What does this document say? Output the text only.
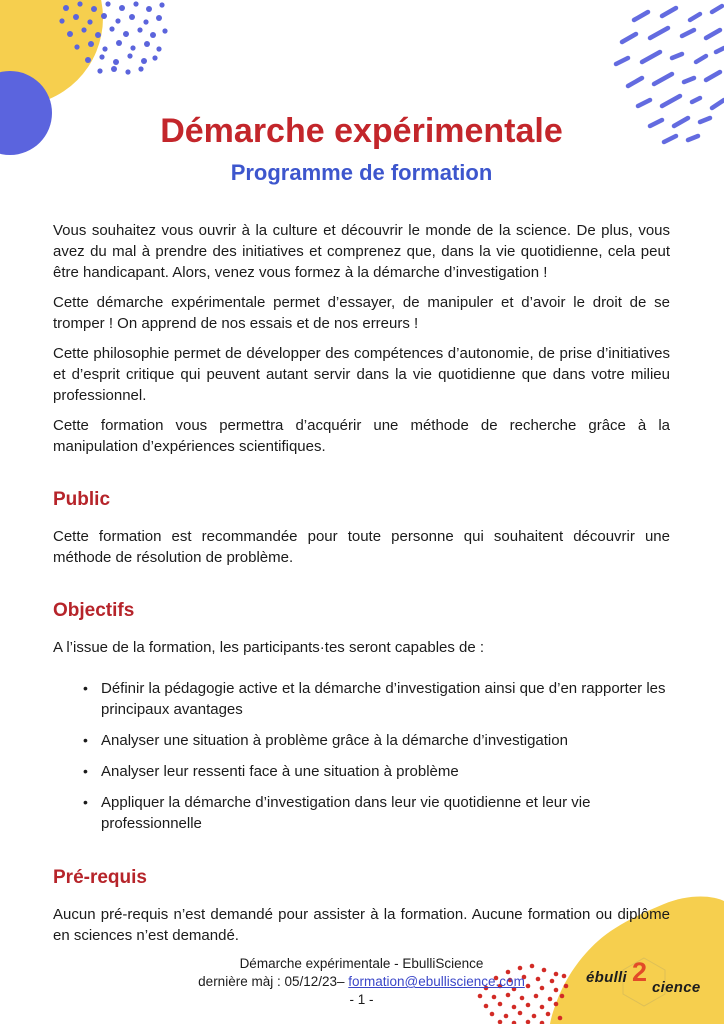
Démarche expérimentale
Programme de formation

Vous souhaitez vous ouvrir à la culture et découvrir le monde de la science. De plus, vous avez du mal à prendre des initiatives et comprenez que, dans la vie quotidienne, cela peut être handicapant. Alors, venez vous formez à la démarche d’investigation !

Cette démarche expérimentale permet d’essayer, de manipuler et d’avoir le droit de se tromper ! On apprend de nos essais et de nos erreurs !

Cette philosophie permet de développer des compétences d’autonomie, de prise d’initiatives et d’esprit critique qui peuvent autant servir dans la vie quotidienne que dans votre milieu professionnel.

Cette formation vous permettra d’acquérir une méthode de recherche grâce à la manipulation d’expériences scientifiques.

Public

Cette formation est recommandée pour toute personne qui souhaitent découvrir une méthode de résolution de problème.

Objectifs

A l’issue de la formation, les participants·tes seront capables de :

• Définir la pédagogie active et la démarche d’investigation ainsi que d’en rapporter les principaux avantages
• Analyser une situation à problème grâce à la démarche d’investigation
• Analyser leur ressenti face à une situation à problème
• Appliquer la démarche d’investigation dans leur vie quotidienne et leur vie professionnelle
Pré-requis

Aucun pré-requis n’est demandé pour assister à la formation. Aucune formation ou diplôme en sciences n’est demandé.

Démarche expérimentale - EbulliScience
dernière màj : 05/12/23– formation@ebulliscience.com
- 1 -
ébulli 2
cience
